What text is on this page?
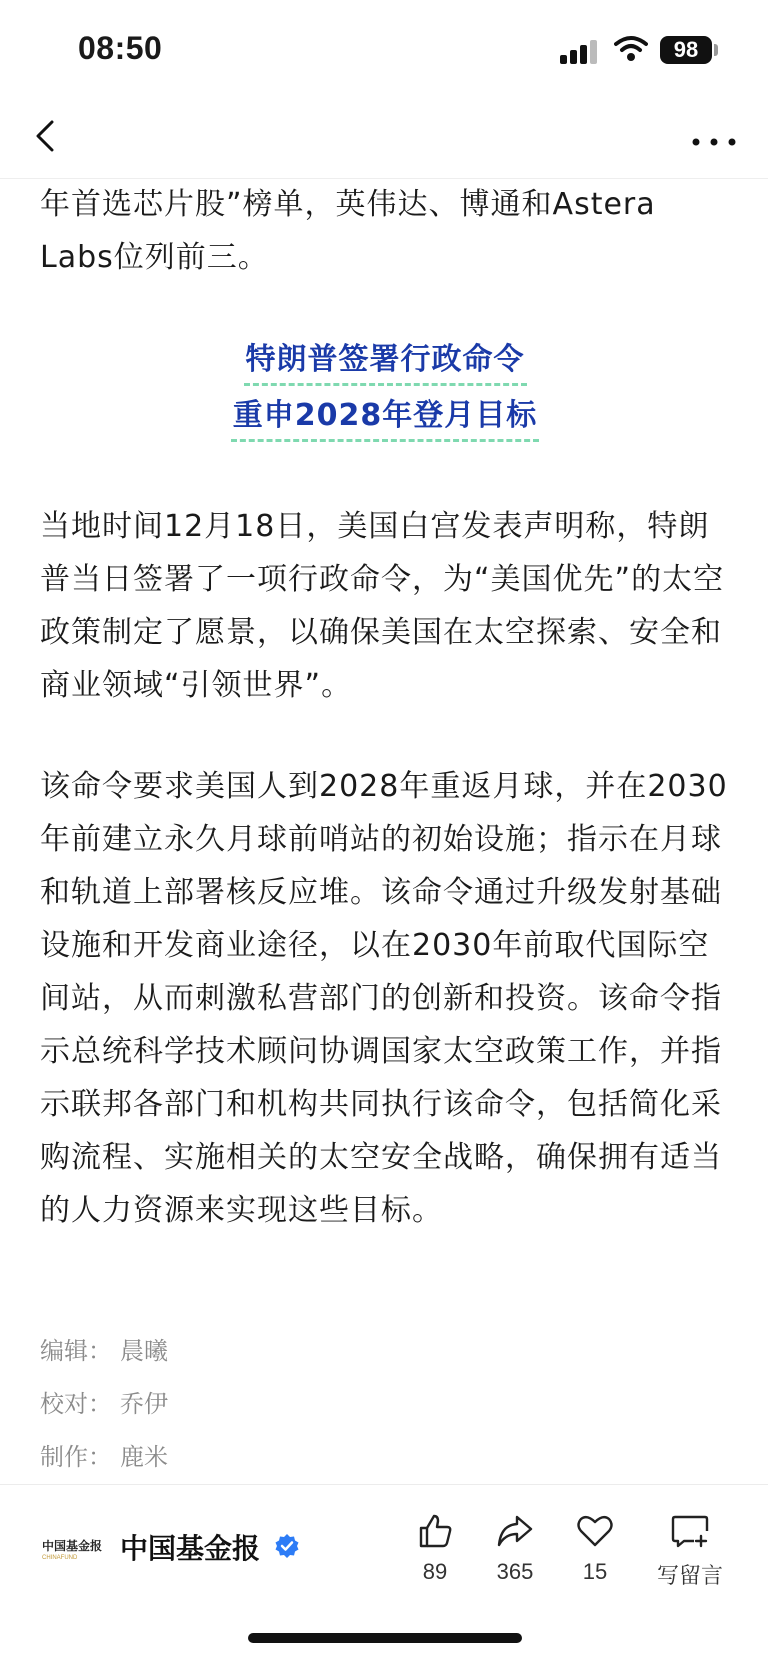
08:50	98

年首选芯片股”榜单，英伟达、博通和Astera Labs位列前三。

特朗普签署行政命令
重申2028年登月目标

当地时间12月18日，美国白宫发表声明称，特朗普当日签署了一项行政命令，为“美国优先”的太空政策制定了愿景，以确保美国在太空探索、安全和商业领域“引领世界”。

该命令要求美国人到2028年重返月球，并在2030年前建立永久月球前哨站的初始设施；指示在月球和轨道上部署核反应堆。该命令通过升级发射基础设施和开发商业途径，以在2030年前取代国际空间站，从而刺激私营部门的创新和投资。该命令指示总统科学技术顾问协调国家太空政策工作，并指示联邦各部门和机构共同执行该命令，包括简化采购流程、实施相关的太空安全战略，确保拥有适当的人力资源来实现这些目标。

编辑： 晨曦
校对： 乔伊
制作： 鹿米
中国基金报
CHINAFUND	中国基金报
89	365	15	写留言
